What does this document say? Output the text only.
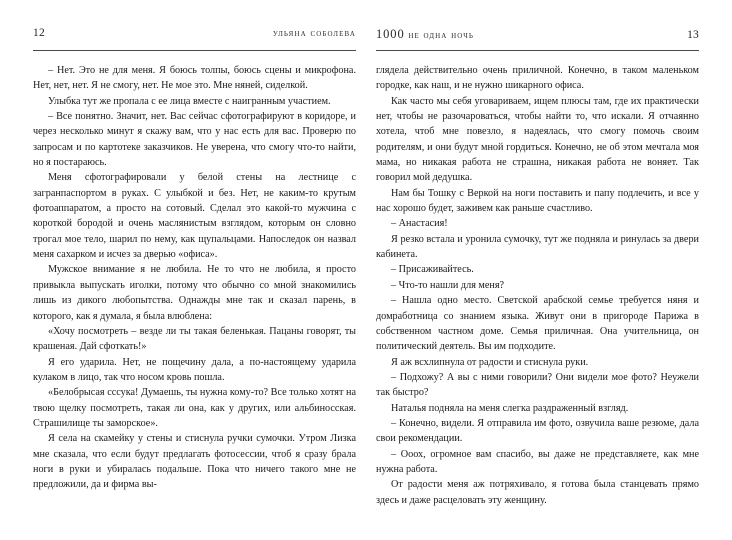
12	ульяна соболева

– Нет. Это не для меня. Я боюсь толпы, боюсь сцены и микрофона. Нет, нет, нет. Я не смогу, нет. Не мое это. Мне няней, сиделкой.

Улыбка тут же пропала с ее лица вместе с наигранным участием.

– Все понятно. Значит, нет. Вас сейчас сфотографируют в коридоре, и через несколько минут я скажу вам, что у нас есть для вас. Проверю по запросам и по картотеке заказчиков. Не уверена, что смогу что-то найти, но я постараюсь.

Меня сфотографировали у белой стены на лестнице с загранпаспортом в руках. С улыбкой и без. Нет, не каким-то крутым фотоаппаратом, а просто на сотовый. Сделал это какой-то мужчина с короткой бородой и очень маслянистым взглядом, которым он словно трогал мое тело, шарил по нему, как щупальцами. Напоследок он назвал меня сахарком и исчез за дверью «офиса».

Мужское внимание я не любила. Не то что не любила, я просто привыкла выпускать иголки, потому что обычно со мной знакомились лишь из дикого любопытства. Однажды мне так и сказал парень, в которого, как я думала, я была влюблена:

«Хочу посмотреть – везде ли ты такая беленькая. Пацаны говорят, ты крашеная. Дай сфоткать!»

Я его ударила. Нет, не пощечину дала, а по-настоящему ударила кулаком в лицо, так что носом кровь пошла.

«Белобрысая сссука! Думаешь, ты нужна кому-то? Все только хотят на твою щелку посмотреть, такая ли она, как у других, или альбиносская. Страшилище ты заморское».

Я села на скамейку у стены и стиснула ручки сумочки. Утром Лизка мне сказала, что если будут предлагать фотосессии, чтоб я сразу брала ноги в руки и убиралась подальше. Пока что ничего такого мне не предложили, да и фирма вы-

1000 не одна ночь	13

глядела действительно очень приличной. Конечно, в таком маленьком городке, как наш, и не нужно шикарного офиса.

Как часто мы себя уговариваем, ищем плюсы там, где их практически нет, чтобы не разочароваться, чтобы найти то, что искали. Я отчаянно хотела, чтоб мне повезло, я надеялась, что смогу помочь своим родителям, и они будут мной гордиться. Конечно, не об этом мечтала моя мама, но никакая работа не страшна, никакая работа не воняет. Так говорил мой дедушка.

Нам бы Тошку с Веркой на ноги поставить и папу подлечить, и все у нас хорошо будет, заживем как раньше счастливо.

– Анастасия!

Я резко встала и уронила сумочку, тут же подняла и ринулась за двери кабинета.

– Присаживайтесь.

– Что-то нашли для меня?

– Нашла одно место. Светской арабской семье требуется няня и домработница со знанием языка. Живут они в пригороде Парижа в собственном частном доме. Семья приличная. Она учительница, он политический деятель. Вы им подходите.

Я аж всхлипнула от радости и стиснула руки.

– Подхожу? А вы с ними говорили? Они видели мое фото? Неужели так быстро?

Наталья подняла на меня слегка раздраженный взгляд.

– Конечно, видели. Я отправила им фото, озвучила ваше резюме, дала свои рекомендации.

– Ооох, огромное вам спасибо, вы даже не представляете, как мне нужна работа.

От радости меня аж потряхивало, я готова была станцевать прямо здесь и даже расцеловать эту женщину.
